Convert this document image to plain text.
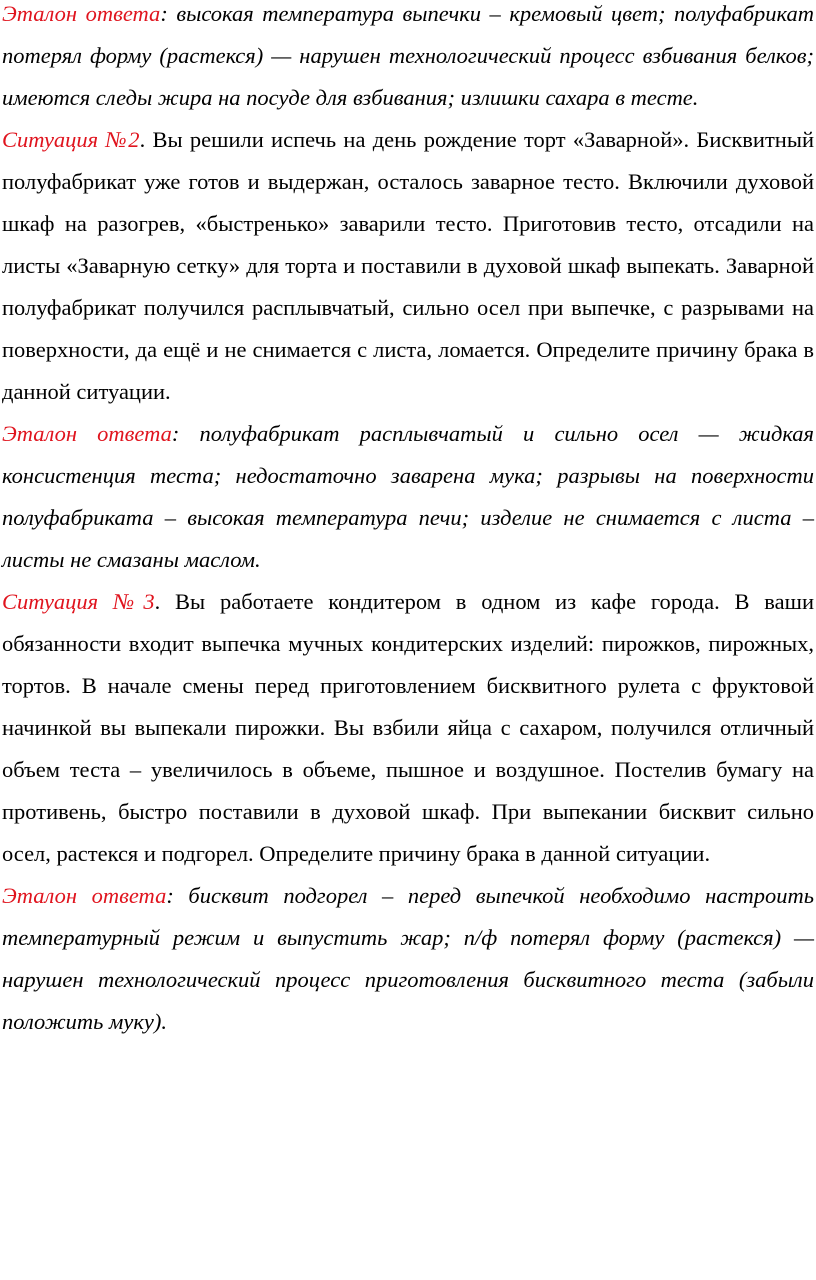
Эталон ответа: высокая температура выпечки – кремовый цвет; полуфабрикат потерял форму (растекся) — нарушен технологический процесс взбивания белков; имеются следы жира на посуде для взбивания; излишки сахара в тесте.

Ситуация №2. Вы решили испечь на день рождение торт «Заварной». Бисквитный полуфабрикат уже готов и выдержан, осталось заварное тесто. Включили духовой шкаф на разогрев, «быстренько» заварили тесто. Приготовив тесто, отсадили на листы «Заварную сетку» для торта и поставили в духовой шкаф выпекать. Заварной полуфабрикат получился расплывчатый, сильно осел при выпечке, с разрывами на поверхности, да ещё и не снимается с листа, ломается. Определите причину брака в данной ситуации.

Эталон ответа: полуфабрикат расплывчатый и сильно осел — жидкая консистенция теста; недостаточно заварена мука; разрывы на поверхности полуфабриката – высокая температура печи; изделие не снимается с листа – листы не смазаны маслом.

Ситуация №3. Вы работаете кондитером в одном из кафе города. В ваши обязанности входит выпечка мучных кондитерских изделий: пирожков, пирожных, тортов. В начале смены перед приготовлением бисквитного рулета с фруктовой начинкой вы выпекали пирожки. Вы взбили яйца с сахаром, получился отличный объем теста – увеличилось в объеме, пышное и воздушное. Постелив бумагу на противень, быстро поставили в духовой шкаф. При выпекании бисквит сильно осел, растекся и подгорел. Определите причину брака в данной ситуации.

Эталон ответа: бисквит подгорел – перед выпечкой необходимо настроить температурный режим и выпустить жар; п/ф потерял форму (растекся) — нарушен технологический процесс приготовления бисквитного теста (забыли положить муку).
